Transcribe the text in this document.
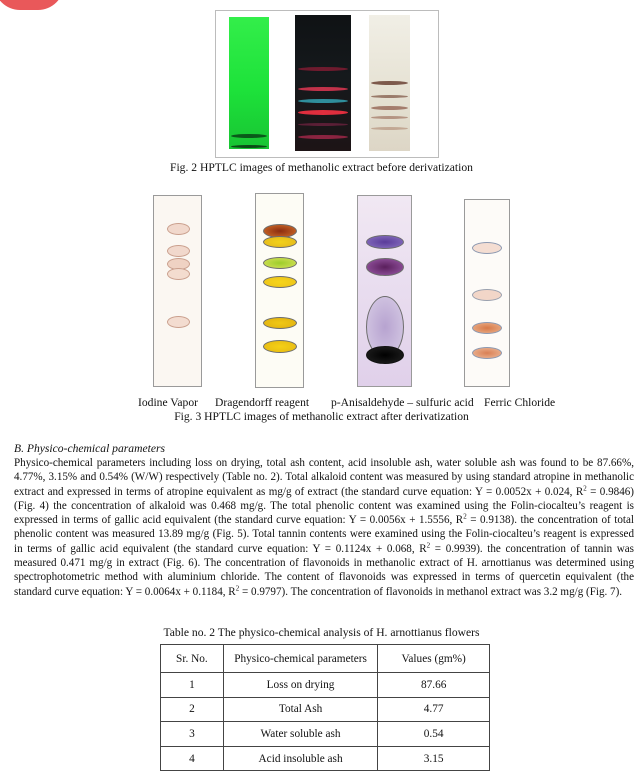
Fig. 2 HPTLC images of methanolic extract before derivatization
Iodine Vapor Dragendorff reagent p-Anisaldehyde – sulfuric acid Ferric Chloride
Fig. 3 HPTLC images of methanolic extract after derivatization
B. Physico-chemical parameters
Physico-chemical parameters including loss on drying, total ash content, acid insoluble ash, water soluble ash was found to be 87.66%, 4.77%, 3.15% and 0.54% (W/W) respectively (Table no. 2). Total alkaloid content was measured by using standard atropine in methanolic extract and expressed in terms of atropine equivalent as mg/g of extract (the standard curve equation: Y = 0.0052x + 0.024, $R^2 = 0.9846$) (Fig. 4) the concentration of alkaloid was 0.468 mg/g. The total phenolic content was examined using the Folin-ciocalteu’s reagent is expressed in terms of gallic acid equivalent (the standard curve equation: Y = 0.0056x + 1.5556, $R^2 = 0.9138$). the concentration of total phenolic content was measured 13.89 mg/g (Fig. 5). Total tannin contents were examined using the Folin-ciocalteu’s reagent is expressed in terms of gallic acid equivalent (the standard curve equation: Y = 0.1124x + 0.068, $R^2 = 0.9939$). the concentration of tannin was measured 0.471 mg/g in extract (Fig. 6). The concentration of flavonoids in methanolic extract of H. arnottianus was determined using spectrophotometric method with aluminium chloride. The content of flavonoids was expressed in terms of quercetin equivalent (the standard curve equation: Y = 0.0064x + 0.1184, $R^2 = 0.9797$). The concentration of flavonoids in methanol extract was 3.2 mg/g (Fig. 7).
Table no. 2 The physico-chemical analysis of H. arnottianus flowers
Sr. No.	Physico-chemical parameters	Values (gm%)
1	Loss on drying	87.66
2	Total Ash	4.77
3	Water soluble ash	0.54
4	Acid insoluble ash	3.15
